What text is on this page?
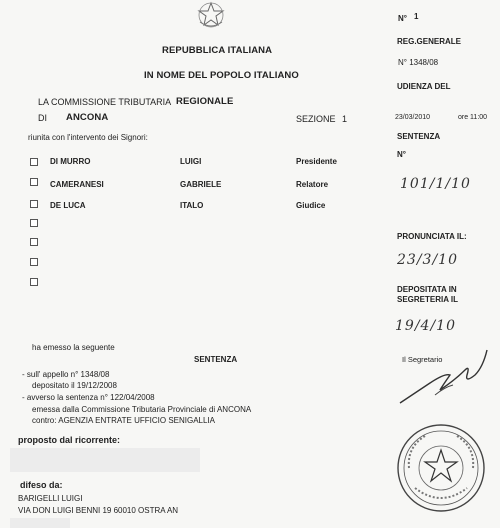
REPUBBLICA ITALIANA
IN NOME DEL POPOLO ITALIANO
LA COMMISSIONE TRIBUTARIA REGIONALE
DI ANCONA	SEZIONE 1
riunita con l'intervento dei Signori:
N° 1
REG.GENERALE
N° 1348/08
UDIENZA DEL
23/03/2010	ore 11:00
SENTENZA
N°
101/1/10
PRONUNCIATA IL:
23/3/10
DEPOSITATA IN
SEGRETERIA IL
19/4/10
Il Segretario
DI MURRO	LUIGI	Presidente
CAMERANESI	GABRIELE	Relatore
DE LUCA	ITALO	Giudice
ha emesso la seguente
SENTENZA
- sull' appello n° 1348/08
depositato il 19/12/2008
- avverso la sentenza n° 122/04/2008
emessa dalla Commissione Tributaria Provinciale di ANCONA
contro: AGENZIA ENTRATE UFFICIO SENIGALLIA
proposto dal ricorrente:
difeso da:
BARIGELLI LUIGI
VIA DON LUIGI BENNI 19 60010 OSTRA AN
